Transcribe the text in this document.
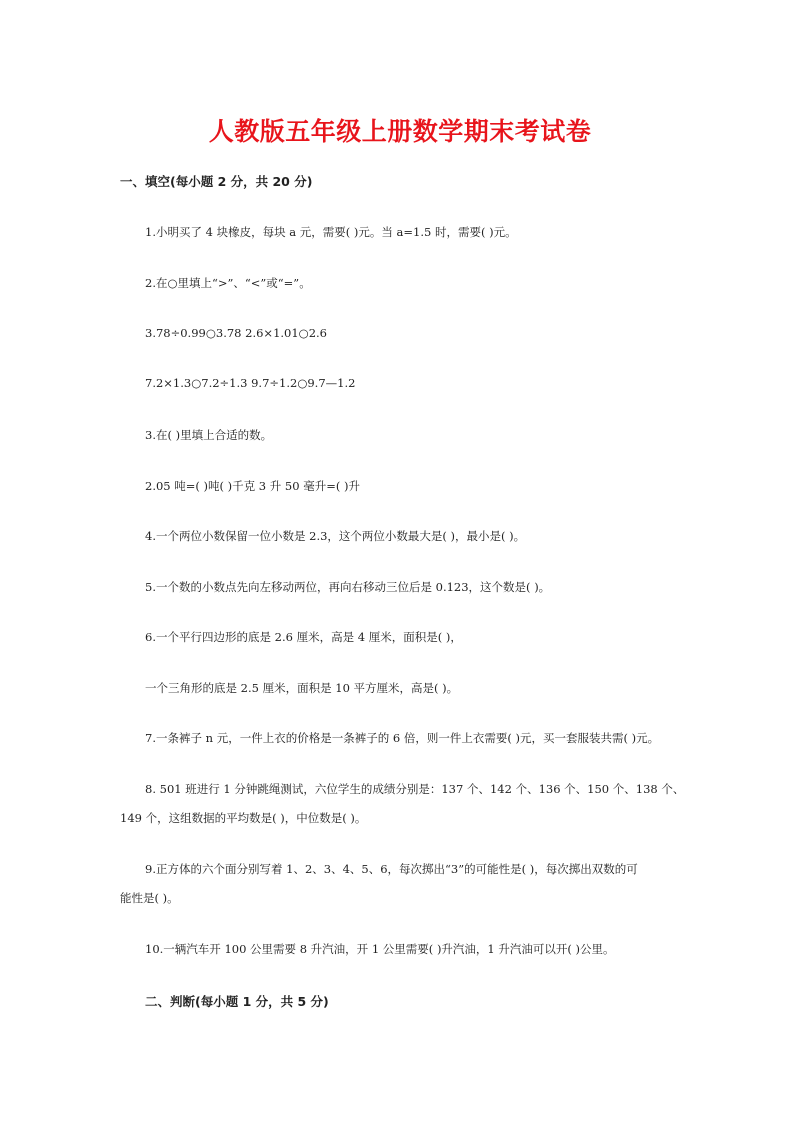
人教版五年级上册数学期末考试卷
一、填空(每小题 2 分，共 20 分)
1.小明买了 4 块橡皮，每块 a 元，需要( )元。当 a=1.5 时，需要( )元。
2.在○里填上“>”、“<”或“=”。
3.78÷0.99○3.78 2.6×1.01○2.6
7.2×1.3○7.2÷1.3 9.7÷1.2○9.7—1.2
3.在( )里填上合适的数。
2.05 吨=( )吨( )千克 3 升 50 毫升=( )升
4.一个两位小数保留一位小数是 2.3，这个两位小数最大是( )，最小是( )。
5.一个数的小数点先向左移动两位，再向右移动三位后是 0.123，这个数是( )。
6.一个平行四边形的底是 2.6 厘米，高是 4 厘米，面积是( )，
一个三角形的底是 2.5 厘米，面积是 10 平方厘米，高是( )。
7.一条裤子 n 元，一件上衣的价格是一条裤子的 6 倍，则一件上衣需要( )元，买一套服装共需( )元。
8. 501 班进行 1 分钟跳绳测试，六位学生的成绩分别是：137 个、142 个、136 个、150 个、138 个、
149 个，这组数据的平均数是( )，中位数是( )。
9.正方体的六个面分别写着 1、2、3、4、5、6，每次掷出“3”的可能性是( )，每次掷出双数的可
能性是( )。
10.一辆汽车开 100 公里需要 8 升汽油，开 1 公里需要( )升汽油，1 升汽油可以开( )公里。
二、判断(每小题 1 分，共 5 分)
